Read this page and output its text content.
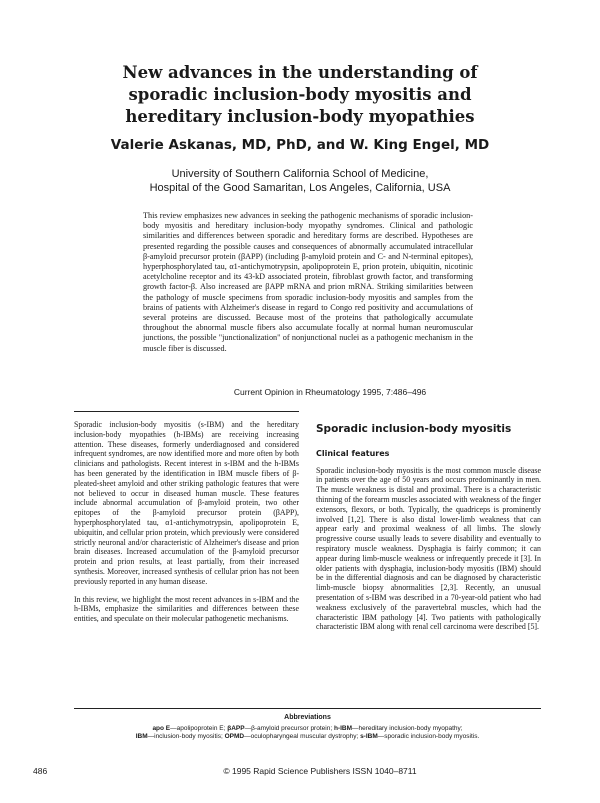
New advances in the understanding of
sporadic inclusion-body myositis and
hereditary inclusion-body myopathies
Valerie Askanas, MD, PhD, and W. King Engel, MD
University of Southern California School of Medicine,
Hospital of the Good Samaritan, Los Angeles, California, USA
This review emphasizes new advances in seeking the pathogenic mechanisms of sporadic inclusion-body myositis and hereditary inclusion-body myopathy syndromes. Clinical and pathologic similarities and differences between sporadic and hereditary forms are described. Hypotheses are presented regarding the possible causes and consequences of abnormally accumulated intracellular β-amyloid precursor protein (βAPP) (including β-amyloid protein and C- and N-terminal epitopes), hyperphosphorylated tau, α1-antichymotrypsin, apolipoprotein E, prion protein, ubiquitin, nicotinic acetylcholine receptor and its 43-kD associated protein, fibroblast growth factor, and transforming growth factor-β. Also increased are βAPP mRNA and prion mRNA. Striking similarities between the pathology of muscle specimens from sporadic inclusion-body myositis and samples from the brains of patients with Alzheimer's disease in regard to Congo red positivity and accumulations of several proteins are discussed. Because most of the proteins that pathologically accumulate throughout the abnormal muscle fibers also accumulate focally at normal human neuromuscular junctions, the possible "junctionalization" of nonjunctional nuclei as a pathogenic mechanism in the muscle fiber is discussed.
Current Opinion in Rheumatology 1995, 7:486–496

Sporadic inclusion-body myositis (s-IBM) and the hereditary inclusion-body myopathies (h-IBMs) are receiving increasing attention. These diseases, formerly underdiagnosed and considered infrequent syndromes, are now identified more and more often by both clinicians and pathologists. Recent interest in s-IBM and the h-IBMs has been generated by the identification in IBM muscle fibers of β-pleated-sheet amyloid and other striking pathologic features that were not believed to occur in diseased human muscle. These features include abnormal accumulation of β-amyloid protein, two other epitopes of the β-amyloid precursor protein (βAPP), hyperphosphorylated tau, α1-antichymotrypsin, apolipoprotein E, ubiquitin, and cellular prion protein, which previously were considered strictly neuronal and/or characteristic of Alzheimer's disease and prion brain diseases. Increased accumulation of the β-amyloid precursor protein and prion results, at least partially, from their increased synthesis. Moreover, increased synthesis of cellular prion has not been previously reported in any human disease.

In this review, we highlight the most recent advances in s-IBM and the h-IBMs, emphasize the similarities and differences between these entities, and speculate on their molecular pathogenetic mechanisms.

Sporadic inclusion-body myositis
Clinical features

Sporadic inclusion-body myositis is the most common muscle disease in patients over the age of 50 years and occurs predominantly in men. The muscle weakness is distal and proximal. There is a characteristic thinning of the forearm muscles associated with weakness of the finger extensors, flexors, or both. Typically, the quadriceps is prominently involved [1,2]. There is also distal lower-limb weakness that can appear early and proximal weakness of all limbs. The slowly progressive course usually leads to severe disability and eventually to respiratory muscle weakness. Dysphagia is fairly common; it can appear during limb-muscle weakness or infrequently precede it [3]. In older patients with dysphagia, inclusion-body myositis (IBM) should be in the differential diagnosis and can be diagnosed by characteristic limb-muscle biopsy abnormalities [2,3]. Recently, an unusual presentation of s-IBM was described in a 70-year-old patient who had weakness exclusively of the paravertebral muscles, which had the characteristic IBM pathology [4]. Two patients with pathologically characteristic IBM along with renal cell carcinoma were described [5].

Abbreviations
apo E—apolipoprotein E; βAPP—β-amyloid precursor protein; h-IBM—hereditary inclusion-body myopathy;
IBM—inclusion-body myositis; OPMD—oculopharyngeal muscular dystrophy; s-IBM—sporadic inclusion-body myositis.
486	© 1995 Rapid Science Publishers ISSN 1040–8711
